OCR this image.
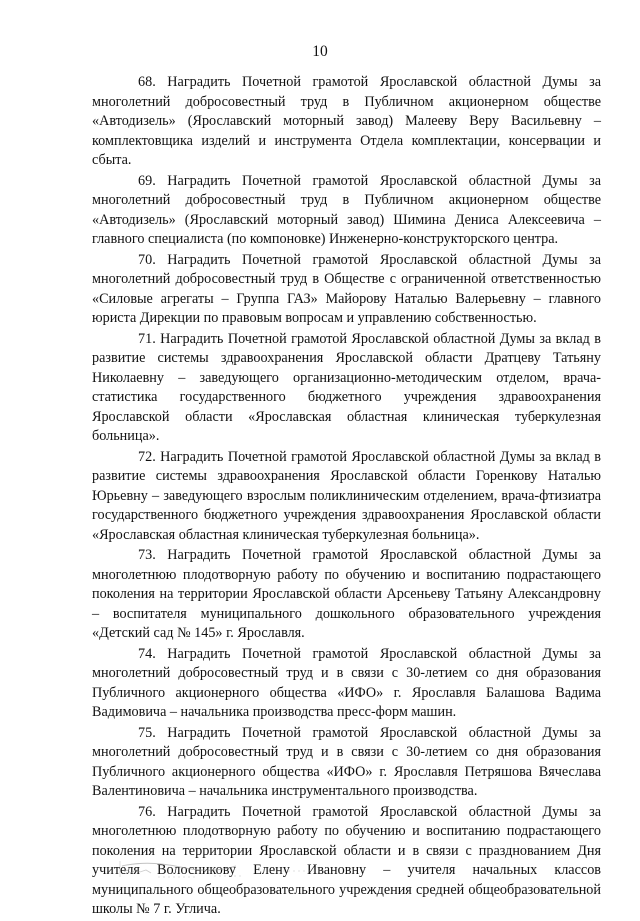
10

68. Наградить Почетной грамотой Ярославской областной Думы за многолетний добросовестный труд в Публичном акционерном обществе «Автодизель» (Ярославский моторный завод) Малееву Веру Васильевну – комплектовщика изделий и инструмента Отдела комплектации, консервации и сбыта.

69. Наградить Почетной грамотой Ярославской областной Думы за многолетний добросовестный труд в Публичном акционерном обществе «Автодизель» (Ярославский моторный завод) Шимина Дениса Алексеевича – главного специалиста (по компоновке) Инженерно-конструкторского центра.

70. Наградить Почетной грамотой Ярославской областной Думы за многолетний добросовестный труд в Обществе с ограниченной ответственностью «Силовые агрегаты – Группа ГАЗ» Майорову Наталью Валерьевну – главного юриста Дирекции по правовым вопросам и управлению собственностью.

71. Наградить Почетной грамотой Ярославской областной Думы за вклад в развитие системы здравоохранения Ярославской области Дратцеву Татьяну Николаевну – заведующего организационно-методическим отделом, врача-статистика государственного бюджетного учреждения здравоохранения Ярославской области «Ярославская областная клиническая туберкулезная больница».

72. Наградить Почетной грамотой Ярославской областной Думы за вклад в развитие системы здравоохранения Ярославской области Горенкову Наталью Юрьевну – заведующего взрослым поликлиническим отделением, врача-фтизиатра государственного бюджетного учреждения здравоохранения Ярославской области «Ярославская областная клиническая туберкулезная больница».

73. Наградить Почетной грамотой Ярославской областной Думы за многолетнюю плодотворную работу по обучению и воспитанию подрастающего поколения на территории Ярославской области Арсеньеву Татьяну Александровну – воспитателя муниципального дошкольного образовательного учреждения «Детский сад № 145» г. Ярославля.

74. Наградить Почетной грамотой Ярославской областной Думы за многолетний добросовестный труд и в связи с 30-летием со дня образования Публичного акционерного общества «ИФО» г. Ярославля Балашова Вадима Вадимовича – начальника производства пресс-форм машин.

75. Наградить Почетной грамотой Ярославской областной Думы за многолетний добросовестный труд и в связи с 30-летием со дня образования Публичного акционерного общества «ИФО» г. Ярославля Петряшова Вячеслава Валентиновича – начальника инструментального производства.

76. Наградить Почетной грамотой Ярославской областной Думы за многолетнюю плодотворную работу по обучению и воспитанию подрастающего поколения на территории Ярославской области и в связи с празднованием Дня учителя Волосникову Елену Ивановну – учителя начальных классов муниципального общеобразовательного учреждения средней общеобразовательной школы № 7 г. Углича.
